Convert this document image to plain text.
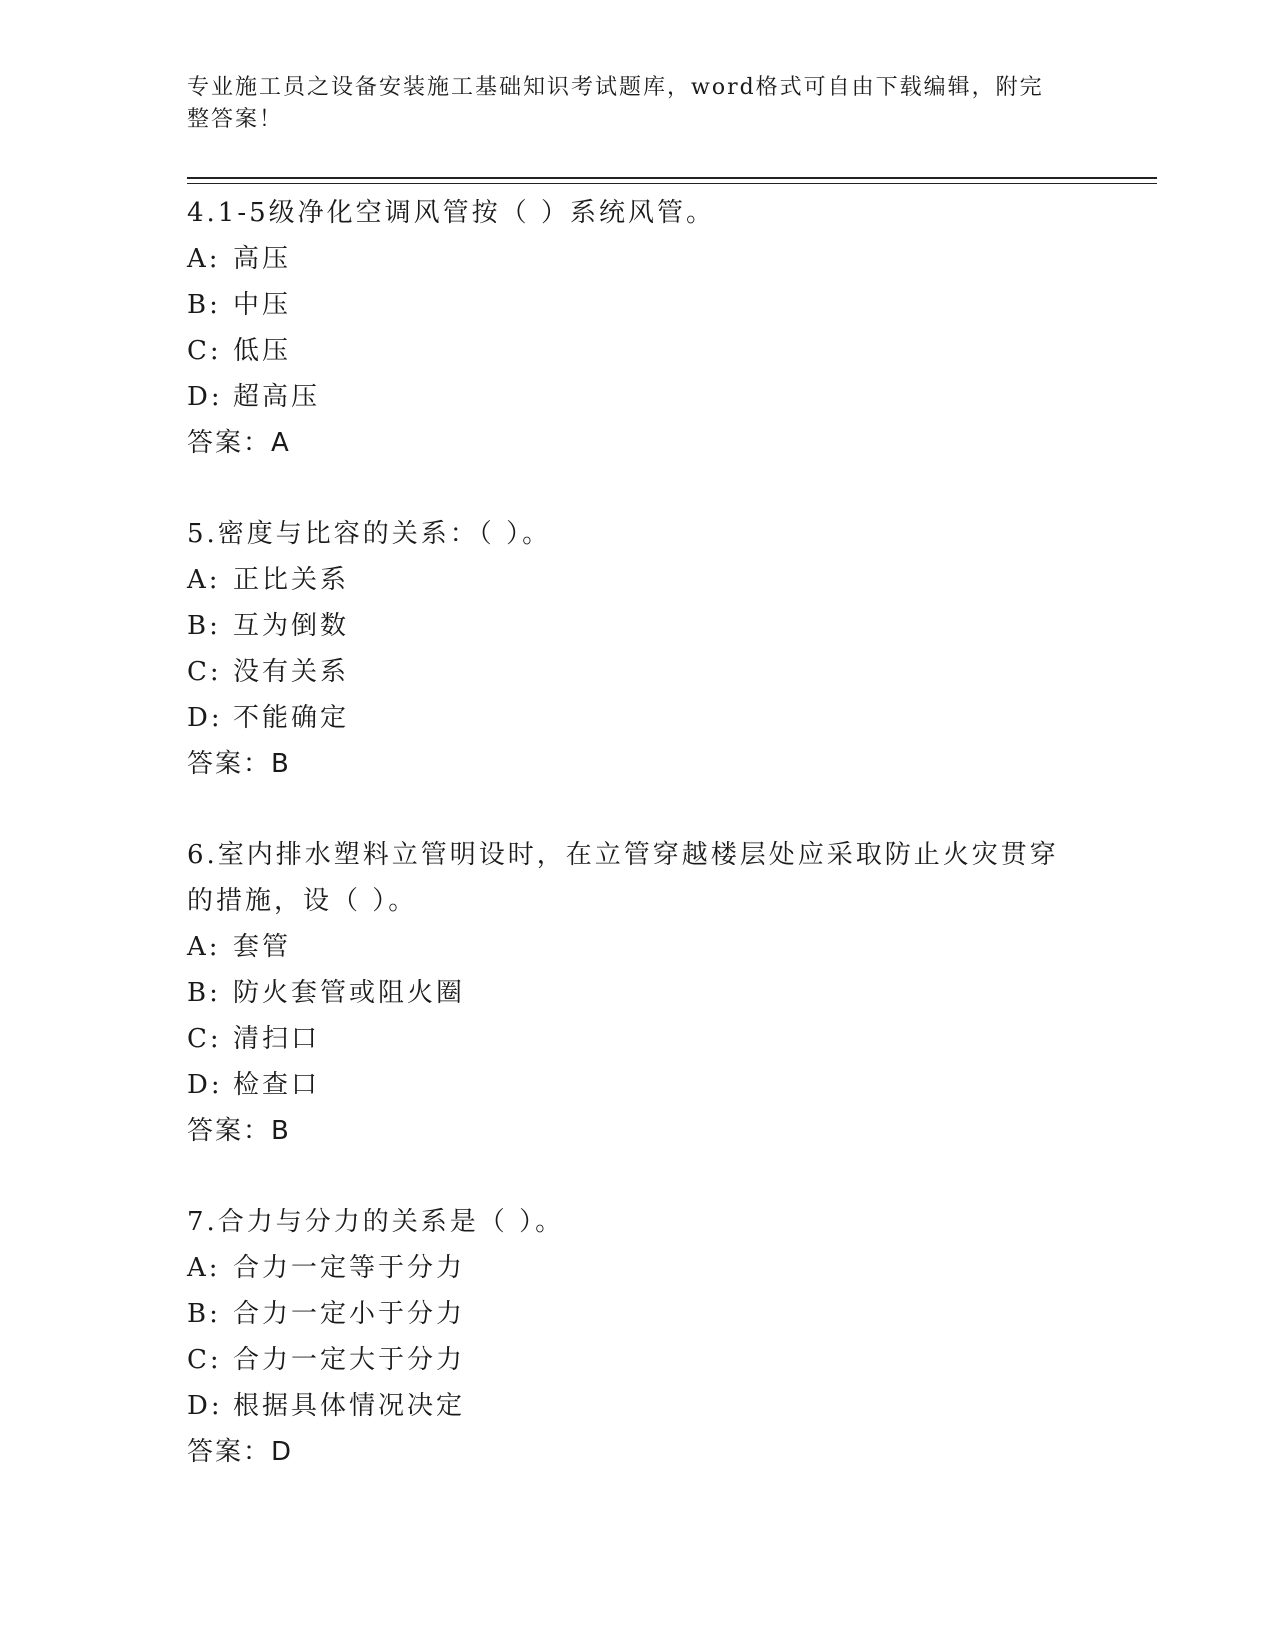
专业施工员之设备安装施工基础知识考试题库，word格式可自由下载编辑，附完
整答案！
4.1-5级净化空调风管按（ ）系统风管。
A: 高压
B: 中压
C: 低压
D: 超高压
答案：A
5.密度与比容的关系：（ ）。
A: 正比关系
B: 互为倒数
C: 没有关系
D: 不能确定
答案：B
6.室内排水塑料立管明设时，在立管穿越楼层处应采取防止火灾贯穿
的措施，设（ ）。
A: 套管
B: 防火套管或阻火圈
C: 清扫口
D: 检查口
答案：B
7.合力与分力的关系是（ ）。
A: 合力一定等于分力
B: 合力一定小于分力
C: 合力一定大于分力
D: 根据具体情况决定
答案：D
